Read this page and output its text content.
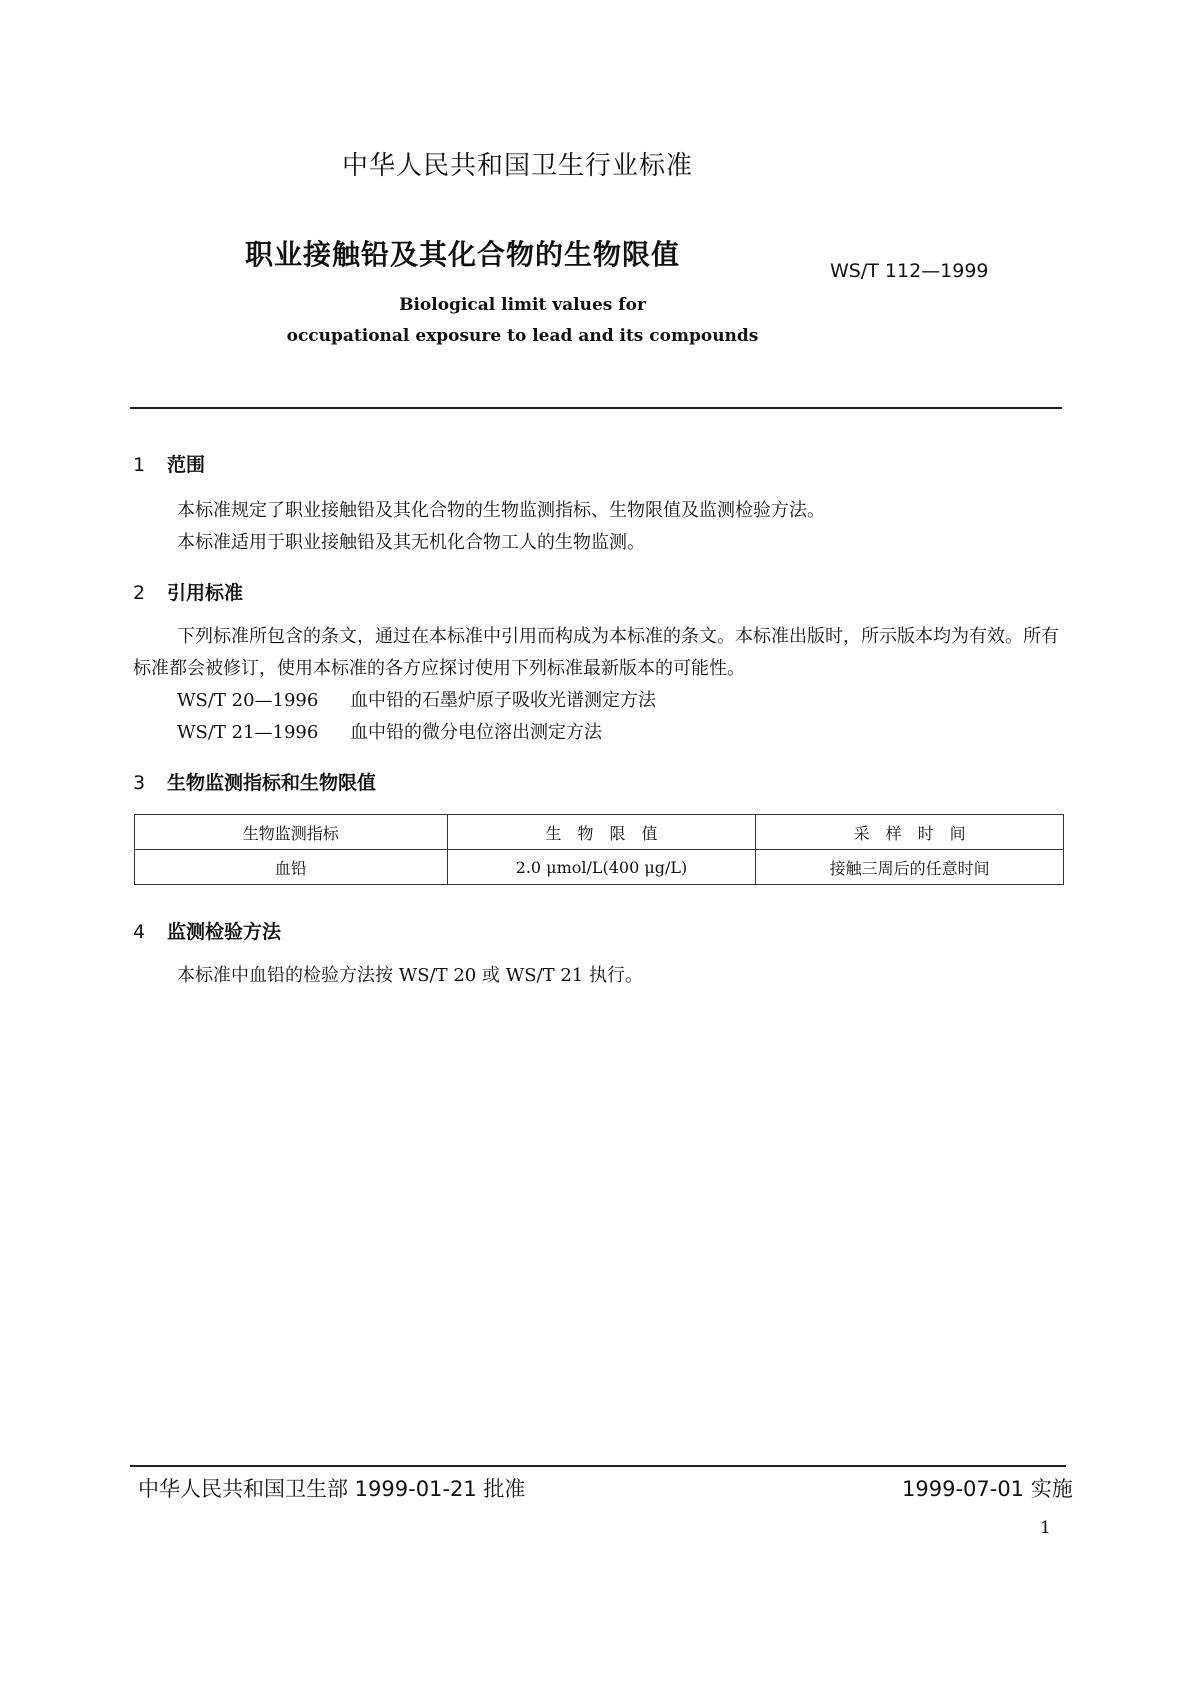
中华人民共和国卫生行业标准
职业接触铅及其化合物的生物限值	WS/T 112—1999
Biological limit values for
occupational exposure to lead and its compounds
1 范围
本标准规定了职业接触铅及其化合物的生物监测指标、生物限值及监测检验方法。
本标准适用于职业接触铅及其无机化合物工人的生物监测。
2 引用标准
下列标准所包含的条文，通过在本标准中引用而构成为本标准的条文。本标准出版时，所示版本均为有效。所有标准都会被修订，使用本标准的各方应探讨使用下列标准最新版本的可能性。
WS/T 20—1996 血中铅的石墨炉原子吸收光谱测定方法
WS/T 21—1996 血中铅的微分电位溶出测定方法
3 生物监测指标和生物限值
生物监测指标	生　物　限　值	采　样　时　间
血铅	2.0 μmol/L(400 μg/L)	接触三周后的任意时间
4 监测检验方法
本标准中血铅的检验方法按 WS/T 20 或 WS/T 21 执行。
中华人民共和国卫生部 1999-01-21 批准	1999-07-01 实施
1
